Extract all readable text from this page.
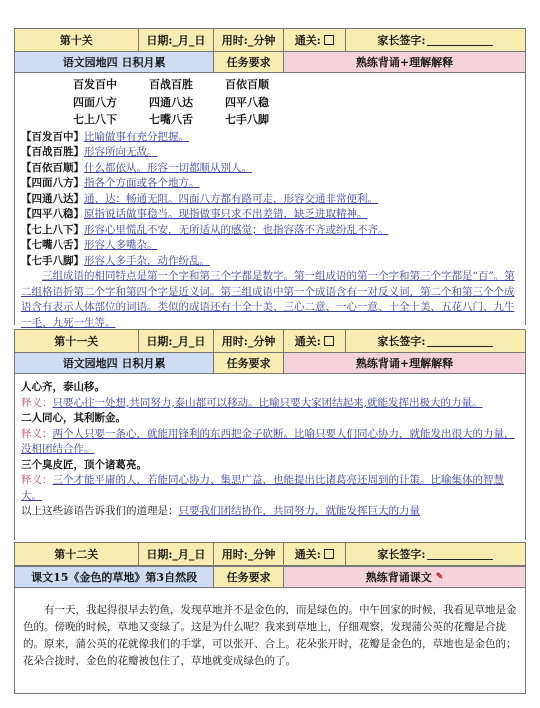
第十关	日期:_月_日	用时:_分钟	通关:	家长签字:
语文园地四 日积月累	任务要求	熟练背诵+理解解释
百发百中	百战百胜	百依百顺
四面八方	四通八达	四平八稳
七上八下	七嘴八舌	七手八脚
【百发百中】比喻做事有充分把握。
【百战百胜】形容所向无敌。
【百依百顺】什么都依从。形容一切都顺从别人。
【四面八方】指各个方面或各个地方。
【四通八达】通、达：畅通无阻。四面八方都有路可走，形容交通非常便利。
【四平八稳】原指说话做事稳当。现指做事只求不出差错，缺乏进取精神。
【七上八下】形容心里慌乱不安，无所适从的感觉；也指容落不齐或纷乱不齐。
【七嘴八舌】形容人多嘴杂。
【七手八脚】形容人多手杂，动作纷乱。
三组成语的相同特点是第一个字和第三个字都是数字。第一组成语的第一个字和第三个字都是“百”。第二组格语折第二个字和第四个字是近义词。第三组成语中第一个成语含有一对反义词，第二个和第三个个成语含有表示人体部位的词语。类似的成语还有十全十美、三心二意、一心一意、十全十美、五花八门、九牛一毛、九死一生等。
第十一关	日期:_月_日	用时:_分钟	通关:	家长签字:
语文园地四 日积月累	任务要求	熟练背诵+理解解释
人心齐，泰山移。
释义：只要心往一处想,共同努力,泰山都可以移动。比喻只要大家团结起来,就能发挥出极大的力量。
二人同心，其利断金。
释义：两个人只要一条心，就能用锋利的东西把金子砍断。比喻只要人们同心协力，就能发出很大的力量，没相团结合作。
三个臭皮匠，顶个诸葛亮。
释义：三个才能平庸的人，若能同心协力、集思广益，也能提出比诸葛亮还周到的计策。比喻集体的智慧大。
以上这些谚语告诉我们的道理是：只要我们团结协作，共同努力，就能发挥巨大的力量
第十二关	日期:_月_日	用时:_分钟	通关:	家长签字:
课文15《金色的草地》第3自然段	任务要求	熟练背诵课文 ✎
有一天，我起得很早去钓鱼，发现草地并不是金色的，而是绿色的。中午回家的时候，我看见草地是金色的。傍晚的时候，草地又变绿了。这是为什么呢？我来到草地上，仔细观察，发现蒲公英的花瓣是合拢的。原来，蒲公英的花就像我们的手掌，可以张开、合上。花朵张开时，花瓣是金色的，草地也是金色的；花朵合拢时，金色的花瓣被包住了，草地就变成绿色的了。
